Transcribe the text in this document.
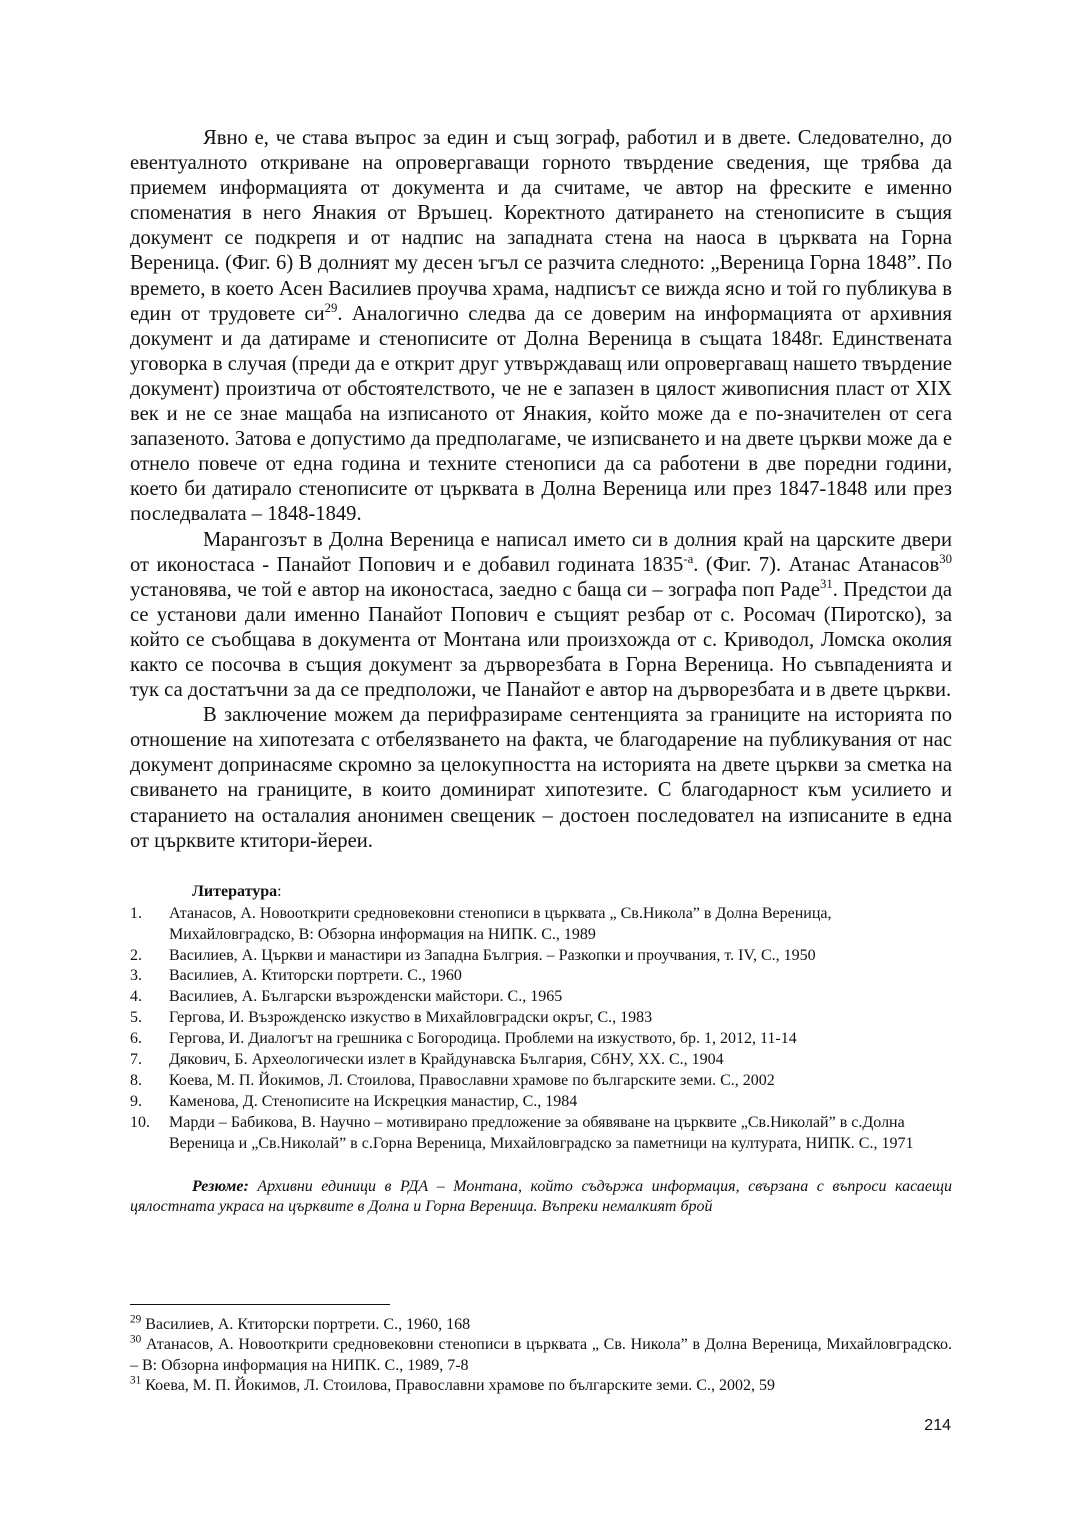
Явно е, че става въпрос за един и същ зограф, работил и в двете. Следователно, до евентуалното откриване на опровергаващи горното твърдение сведения, ще трябва да приемем информацията от документа и да считаме, че автор на фреските е именно споменатия в него Янакия от Връшец. Коректното датирането на стенописите в същия документ се подкрепя и от надпис на западната стена на наоса в църквата на Горна Вереница. (Фиг. 6) В долният му десен ъгъл се разчита следното: „Вереница Горна 1848”. По времето, в което Асен Василиев проучва храма, надписът се вижда ясно и той го публикува в един от трудовете $си^{29}$. Аналогично следва да се доверим на информацията от архивния документ и да датираме и стенописите от Долна Вереница в същата 1848г. Единствената уговорка в случая (преди да е открит друг утвърждаващ или опровергаващ нашето твърдение документ) произтича от обстоятелството, че не е запазен в цялост живописния пласт от XIX век и не се знае мащаба на изписаното от Янакия, който може да е по-значителен от сега запазеното. Затова е допустимо да предполагаме, че изписването и на двете църкви може да е отнело повече от една година и техните стенописи да са работени в две поредни години, което би датирало стенописите от църквата в Долна Вереница или през 1847-1848 или през последвалата – 1848-1849.

Марангозът в Долна Вереница е написал името си в долния край на царските двери от иконостаса - Панайот Попович и е добавил годината $1835^{-а}$. (Фиг. 7). Атанас Атанасов$^{30}$ установява, че той е автор на иконостаса, заедно с баща си – зографа поп Раде$^{31}$. Предстои да се установи дали именно Панайот Попович е същият резбар от с. Росомач (Пиротско), за който се съобщава в документа от Монтана или произхожда от с. Криводол, Ломска околия както се посочва в същия документ за дърворезбата в Горна Вереница. Но съвпаденията и тук са достатъчни за да се предположи, че Панайот е автор на дърворезбата и в двете църкви.

В заключение можем да перифразираме сентенцията за границите на историята по отношение на хипотезата с отбелязването на факта, че благодарение на публикувания от нас документ допринасяме скромно за целокупността на историята на двете църкви за сметка на свиването на границите, в които доминират хипотезите. С благодарност към усилието и старанието на осталалия анонимен свещеник – достоен последовател на изписаните в една от църквите ктитори-йереи.

Литература:
1. Атанасов, А. Новооткрити средновековни стенописи в църквата „ Св.Никола” в Долна Вереница, Михайловградско, В: Обзорна информация на НИПК. С., 1989
2. Василиев, А. Църкви и манастири из Западна Бългрия. – Разкопки и проучвания, т. IV, С., 1950
3. Василиев, А. Ктиторски портрети. С., 1960
4. Василиев, А. Български възрожденски майстори. С., 1965
5. Гергова, И. Възрожденско изкуство в Михайловградски окръг, С., 1983
6. Гергова, И. Диалогът на грешника с Богородица. Проблеми на изкуството, бр. 1, 2012, 11-14
7. Дякович, Б. Археологически излет в Крайдунавска България, СбНУ, XX. С., 1904
8. Коева, М. П. Йокимов, Л. Стоилова, Православни храмове по българските земи. С., 2002
9. Каменова, Д. Стенописите на Искрецкия манастир, С., 1984
10. Марди – Бабикова, В. Научно – мотивирано предложение за обявяване на църквите „Св.Николай” в с.Долна Вереница и „Св.Николай” в с.Горна Вереница, Михайловградско за паметници на културата, НИПК. С., 1971
Резюме: Архивни единици в РДА – Монтана, който съдържа информация, свързана с въпроси касаещи цялостната украса на църквите в Долна и Горна Вереница. Въпреки немалкият брой

$^{29}$ Василиев, А. Ктиторски портрети. С., 1960, 168

$^{30}$ Атанасов, А. Новооткрити средновековни стенописи в църквата „ Св. Никола” в Долна Вереница, Михайловградско. – В: Обзорна информация на НИПК. С., 1989, 7-8

$^{31}$ Коева, М. П. Йокимов, Л. Стоилова, Православни храмове по българските земи. С., 2002, 59

214
